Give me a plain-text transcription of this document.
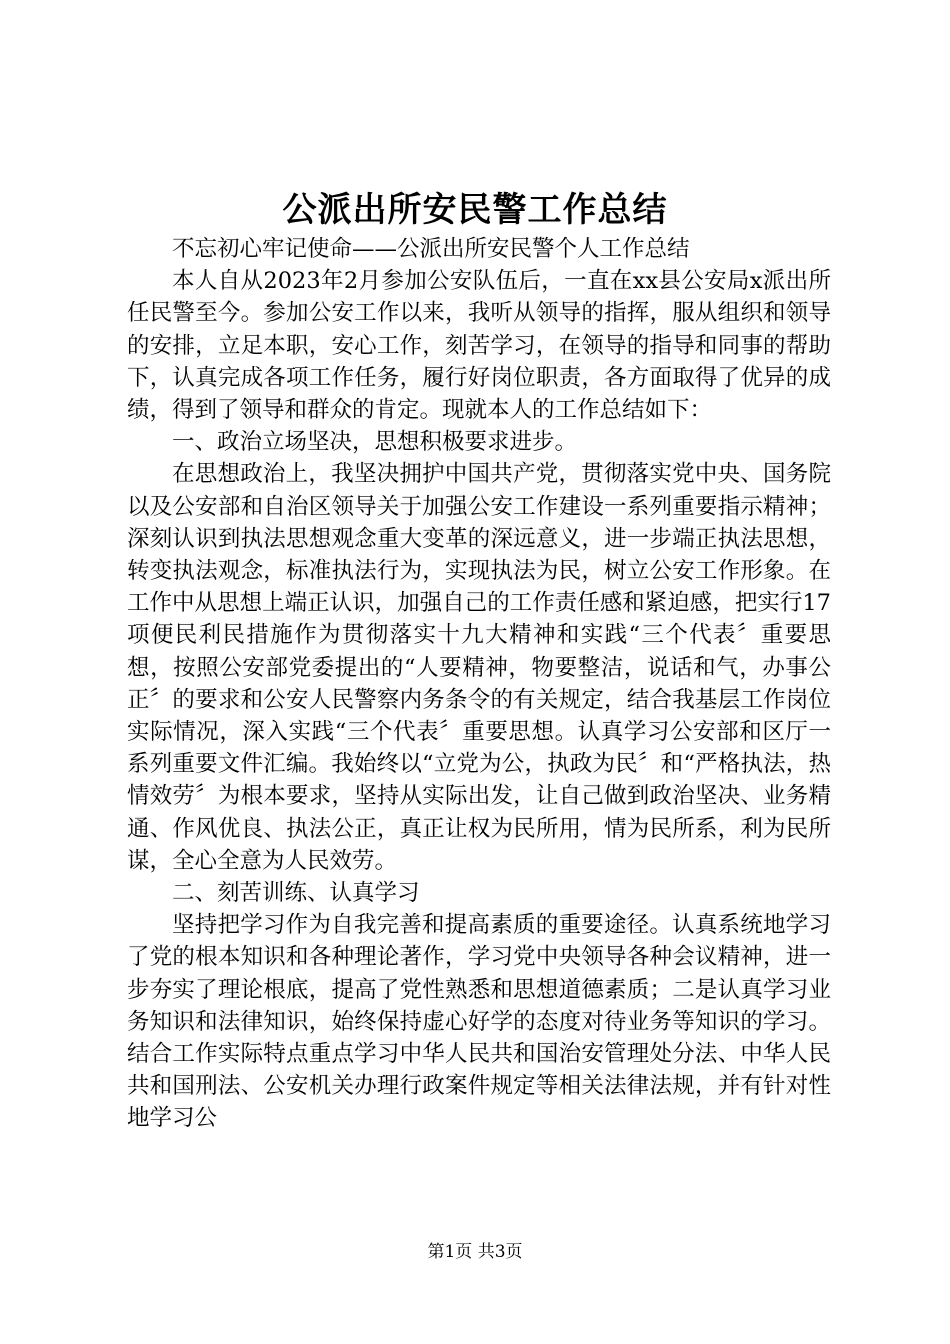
公派出所安民警工作总结

不忘初心牢记使命——公派出所安民警个人工作总结

本人自从2023年2月参加公安队伍后，一直在xx县公安局x派出所任民警至今。参加公安工作以来，我听从领导的指挥，服从组织和领导的安排，立足本职，安心工作，刻苦学习，在领导的指导和同事的帮助下，认真完成各项工作任务，履行好岗位职责，各方面取得了优异的成绩，得到了领导和群众的肯定。现就本人的工作总结如下：

一、政治立场坚决，思想积极要求进步。

在思想政治上，我坚决拥护中国共产党，贯彻落实党中央、国务院以及公安部和自治区领导关于加强公安工作建设一系列重要指示精神；深刻认识到执法思想观念重大变革的深远意义，进一步端正执法思想，转变执法观念，标准执法行为，实现执法为民，树立公安工作形象。在工作中从思想上端正认识，加强自己的工作责任感和紧迫感，把实行17项便民利民措施作为贯彻落实十九大精神和实践“三个代表〞重要思想，按照公安部党委提出的“人要精神，物要整洁，说话和气，办事公正〞的要求和公安人民警察内务条令的有关规定，结合我基层工作岗位实际情况，深入实践“三个代表〞重要思想。认真学习公安部和区厅一系列重要文件汇编。我始终以“立党为公，执政为民〞和“严格执法，热情效劳〞为根本要求，坚持从实际出发，让自己做到政治坚决、业务精通、作风优良、执法公正，真正让权为民所用，情为民所系，利为民所谋，全心全意为人民效劳。

二、刻苦训练、认真学习

坚持把学习作为自我完善和提高素质的重要途径。认真系统地学习了党的根本知识和各种理论著作，学习党中央领导各种会议精神，进一步夯实了理论根底，提高了党性熟悉和思想道德素质；二是认真学习业务知识和法律知识，始终保持虚心好学的态度对待业务等知识的学习。结合工作实际特点重点学习中华人民共和国治安管理处分法、中华人民共和国刑法、公安机关办理行政案件规定等相关法律法规，并有针对性地学习公

第1页 共3页
